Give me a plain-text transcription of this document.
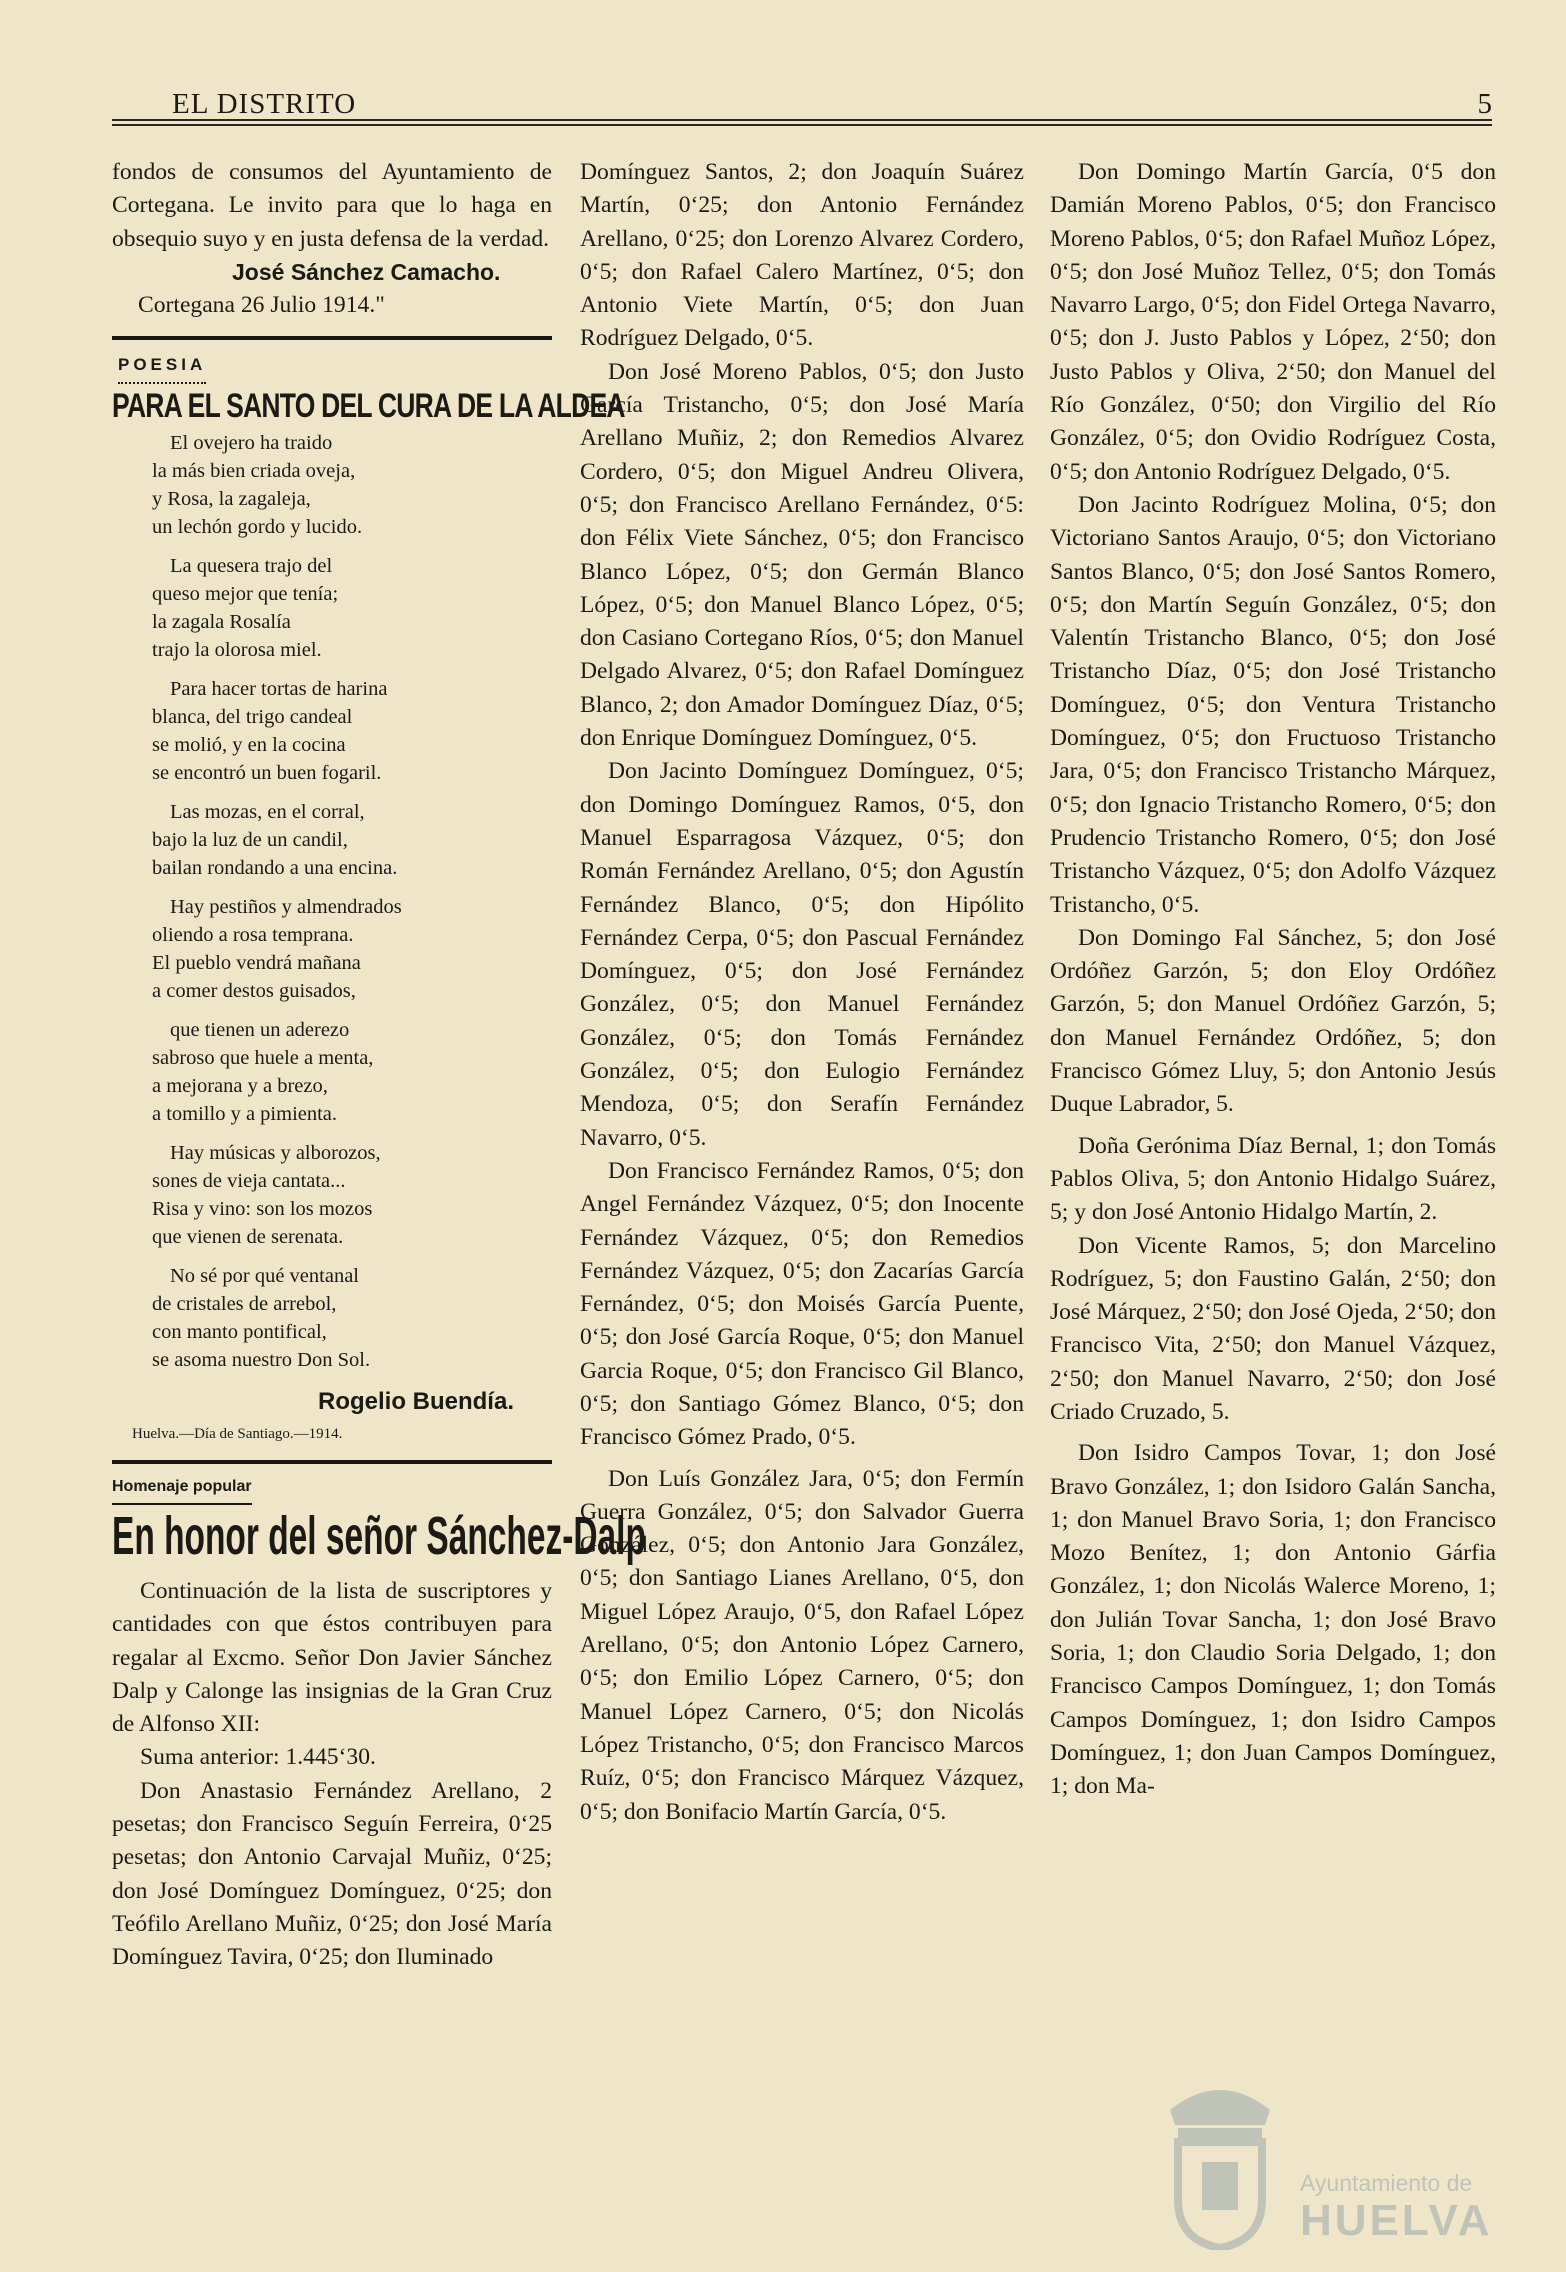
EL DISTRITO	5

fondos de consumos del Ayuntamiento de Cortegana. Le invito para que lo haga en obsequio suyo y en justa defensa de la verdad.

José Sánchez Camacho.

Cortegana 26 Julio 1914."

POESIA
PARA EL SANTO DEL CURA DE LA ALDEA
El ovejero ha traido
la más bien criada oveja,
y Rosa, la zagaleja,
un lechón gordo y lucido.
La quesera trajo del
queso mejor que tenía;
la zagala Rosalía
trajo la olorosa miel.
Para hacer tortas de harina
blanca, del trigo candeal
se molió, y en la cocina
se encontró un buen fogaril.
Las mozas, en el corral,
bajo la luz de un candil,
bailan rondando a una encina.
Hay pestiños y almendrados
oliendo a rosa temprana.
El pueblo vendrá mañana
a comer destos guisados,
que tienen un aderezo
sabroso que huele a menta,
a mejorana y a brezo,
a tomillo y a pimienta.
Hay músicas y alborozos,
sones de vieja cantata...
Risa y vino: son los mozos
que vienen de serenata.
No sé por qué ventanal
de cristales de arrebol,
con manto pontifical,
se asoma nuestro Don Sol.
Rogelio Buendía.
Huelva.—Día de Santiago.—1914.
Homenaje popular
En honor del señor Sánchez-Dalp

Continuación de la lista de suscriptores y cantidades con que éstos contribuyen para regalar al Excmo. Señor Don Javier Sánchez Dalp y Calonge las insignias de la Gran Cruz de Alfonso XII:

Suma anterior: 1.445‘30.

Don Anastasio Fernández Arellano, 2 pesetas; don Francisco Seguín Ferreira, 0‘25 pesetas; don Antonio Carvajal Muñiz, 0‘25; don José Domínguez Domínguez, 0‘25; don Teófilo Arellano Muñiz, 0‘25; don José María Domínguez Tavira, 0‘25; don Iluminado

Domínguez Santos, 2; don Joaquín Suárez Martín, 0‘25; don Antonio Fernández Arellano, 0‘25; don Lorenzo Alvarez Cordero, 0‘5; don Rafael Calero Martínez, 0‘5; don Antonio Viete Martín, 0‘5; don Juan Rodríguez Delgado, 0‘5.

Don José Moreno Pablos, 0‘5; don Justo García Tristancho, 0‘5; don José María Arellano Muñiz, 2; don Remedios Alvarez Cordero, 0‘5; don Miguel Andreu Olivera, 0‘5; don Francisco Arellano Fernández, 0‘5: don Félix Viete Sánchez, 0‘5; don Francisco Blanco López, 0‘5; don Germán Blanco López, 0‘5; don Manuel Blanco López, 0‘5; don Casiano Cortegano Ríos, 0‘5; don Manuel Delgado Alvarez, 0‘5; don Rafael Domínguez Blanco, 2; don Amador Domínguez Díaz, 0‘5; don Enrique Domínguez Domínguez, 0‘5.

Don Jacinto Domínguez Domínguez, 0‘5; don Domingo Domínguez Ramos, 0‘5, don Manuel Esparragosa Vázquez, 0‘5; don Román Fernández Arellano, 0‘5; don Agustín Fernández Blanco, 0‘5; don Hipólito Fernández Cerpa, 0‘5; don Pascual Fernández Domínguez, 0‘5; don José Fernández González, 0‘5; don Manuel Fernández González, 0‘5; don Tomás Fernández González, 0‘5; don Eulogio Fernández Mendoza, 0‘5; don Serafín Fernández Navarro, 0‘5.

Don Francisco Fernández Ramos, 0‘5; don Angel Fernández Vázquez, 0‘5; don Inocente Fernández Vázquez, 0‘5; don Remedios Fernández Vázquez, 0‘5; don Zacarías García Fernández, 0‘5; don Moisés García Puente, 0‘5; don José García Roque, 0‘5; don Manuel Garcia Roque, 0‘5; don Francisco Gil Blanco, 0‘5; don Santiago Gómez Blanco, 0‘5; don Francisco Gómez Prado, 0‘5.

Don Luís González Jara, 0‘5; don Fermín Guerra González, 0‘5; don Salvador Guerra González, 0‘5; don Antonio Jara González, 0‘5; don Santiago Lianes Arellano, 0‘5, don Miguel López Araujo, 0‘5, don Rafael López Arellano, 0‘5; don Antonio López Carnero, 0‘5; don Emilio López Carnero, 0‘5; don Manuel López Carnero, 0‘5; don Nicolás López Tristancho, 0‘5; don Francisco Marcos Ruíz, 0‘5; don Francisco Márquez Vázquez, 0‘5; don Bonifacio Martín García, 0‘5.

Don Domingo Martín García, 0‘5 don Damián Moreno Pablos, 0‘5; don Francisco Moreno Pablos, 0‘5; don Rafael Muñoz López, 0‘5; don José Muñoz Tellez, 0‘5; don Tomás Navarro Largo, 0‘5; don Fidel Ortega Navarro, 0‘5; don J. Justo Pablos y López, 2‘50; don Justo Pablos y Oliva, 2‘50; don Manuel del Río González, 0‘50; don Virgilio del Río González, 0‘5; don Ovidio Rodríguez Costa, 0‘5; don Antonio Rodríguez Delgado, 0‘5.

Don Jacinto Rodríguez Molina, 0‘5; don Victoriano Santos Araujo, 0‘5; don Victoriano Santos Blanco, 0‘5; don José Santos Romero, 0‘5; don Martín Seguín González, 0‘5; don Valentín Tristancho Blanco, 0‘5; don José Tristancho Díaz, 0‘5; don José Tristancho Domínguez, 0‘5; don Ventura Tristancho Domínguez, 0‘5; don Fructuoso Tristancho Jara, 0‘5; don Francisco Tristancho Márquez, 0‘5; don Ignacio Tristancho Romero, 0‘5; don Prudencio Tristancho Romero, 0‘5; don José Tristancho Vázquez, 0‘5; don Adolfo Vázquez Tristancho, 0‘5.

Don Domingo Fal Sánchez, 5; don José Ordóñez Garzón, 5; don Eloy Ordóñez Garzón, 5; don Manuel Ordóñez Garzón, 5; don Manuel Fernández Ordóñez, 5; don Francisco Gómez Lluy, 5; don Antonio Jesús Duque Labrador, 5.

Doña Gerónima Díaz Bernal, 1; don Tomás Pablos Oliva, 5; don Antonio Hidalgo Suárez, 5; y don José Antonio Hidalgo Martín, 2.

Don Vicente Ramos, 5; don Marcelino Rodríguez, 5; don Faustino Galán, 2‘50; don José Márquez, 2‘50; don José Ojeda, 2‘50; don Francisco Vita, 2‘50; don Manuel Vázquez, 2‘50; don Manuel Navarro, 2‘50; don José Criado Cruzado, 5.

Don Isidro Campos Tovar, 1; don José Bravo González, 1; don Isidoro Galán Sancha, 1; don Manuel Bravo Soria, 1; don Francisco Mozo Benítez, 1; don Antonio Gárfia González, 1; don Nicolás Walerce Moreno, 1; don Julián Tovar Sancha, 1; don José Bravo Soria, 1; don Claudio Soria Delgado, 1; don Francisco Campos Domínguez, 1; don Tomás Campos Domínguez, 1; don Isidro Campos Domínguez, 1; don Juan Campos Domínguez, 1; don Ma-

Ayuntamiento de
HUELVA
